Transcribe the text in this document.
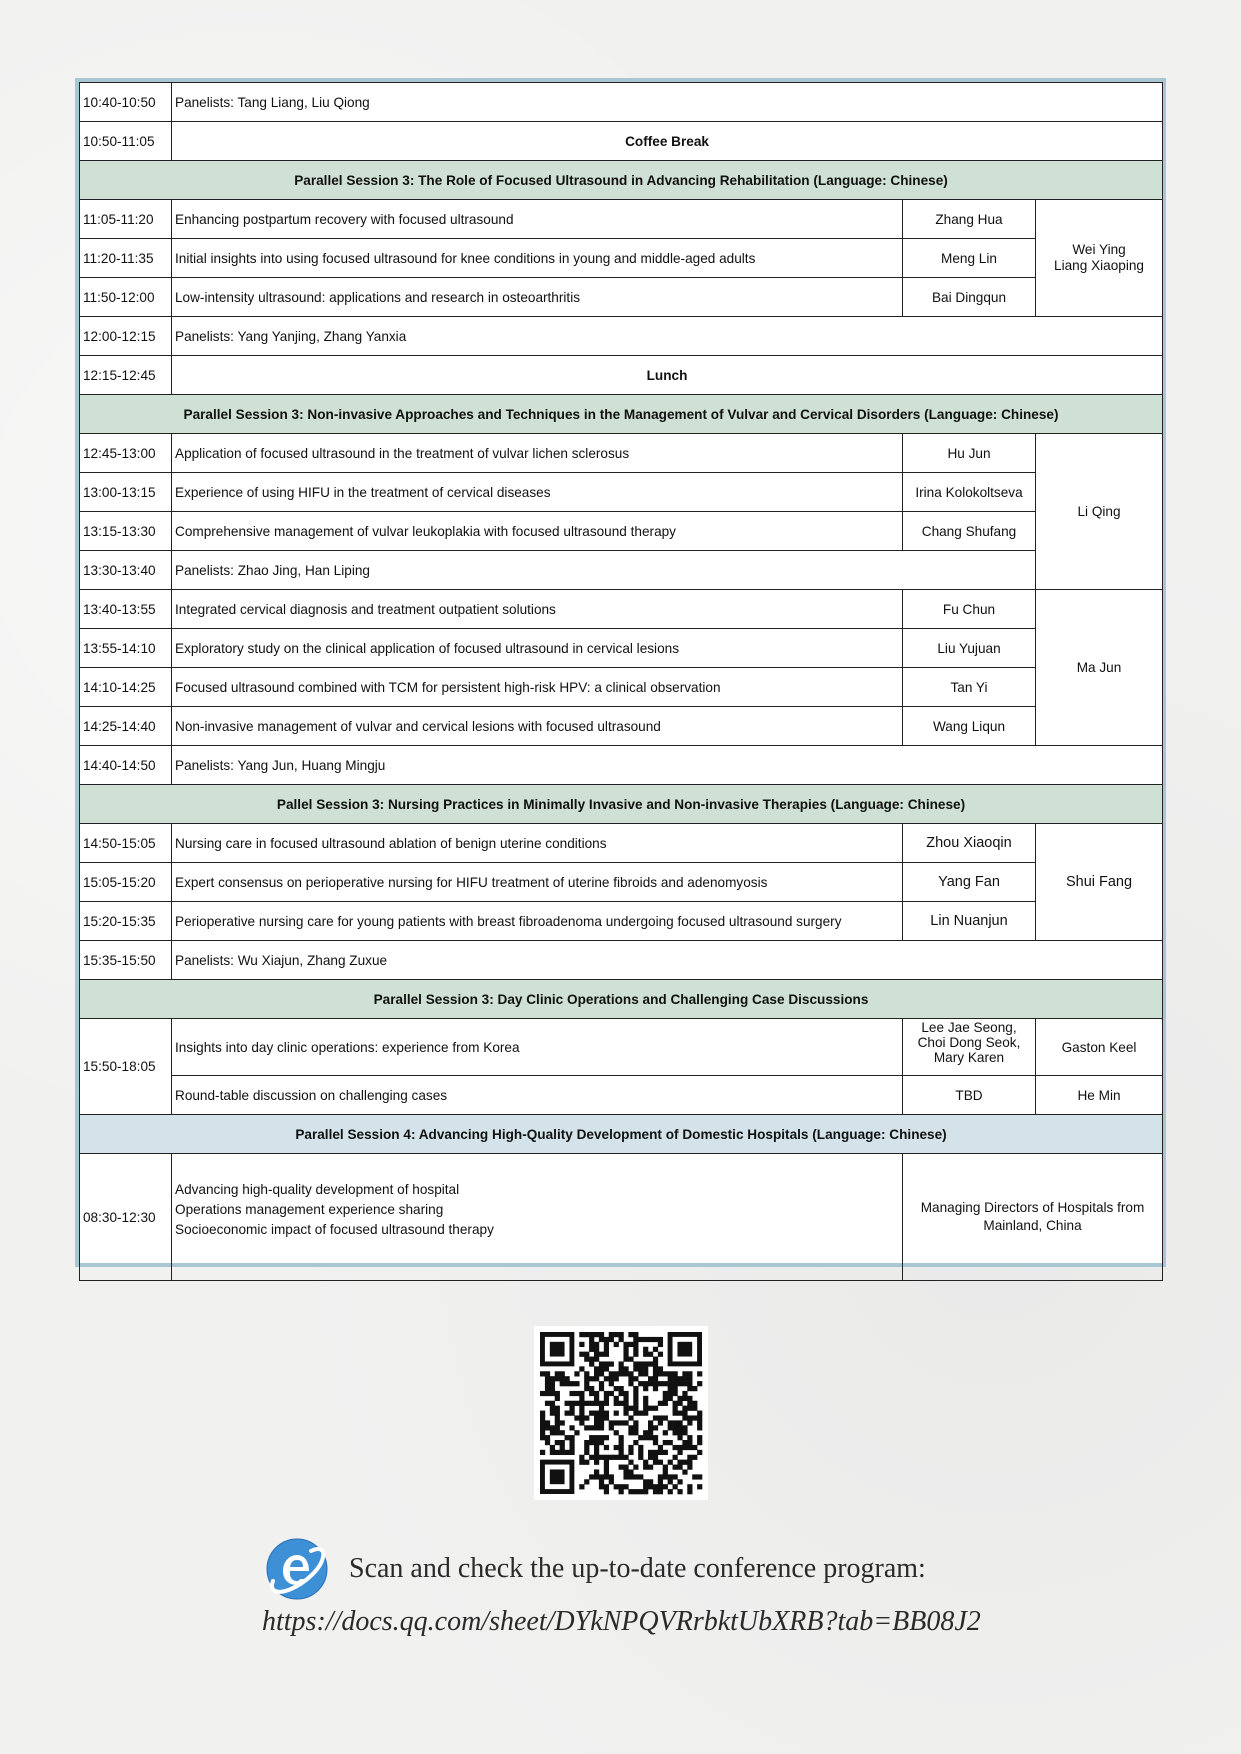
10:40-10:50	Panelists: Tang Liang, Liu Qiong		
10:50-11:05	Coffee Break		
Parallel Session 3: The Role of Focused Ultrasound in Advancing Rehabilitation (Language: Chinese)			
11:05-11:20	Enhancing postpartum recovery with focused ultrasound	Zhang Hua	Wei Ying
Liang Xiaoping

11:20-11:35	Initial insights into using focused ultrasound for knee conditions in young and middle-aged adults	Meng Lin	
11:50-12:00	Low-intensity ultrasound: applications and research in osteoarthritis	Bai Dingqun	
12:00-12:15	Panelists: Yang Yanjing, Zhang Yanxia		
12:15-12:45	Lunch		
Parallel Session 3: Non-invasive Approaches and Techniques in the Management of Vulvar and Cervical Disorders (Language: Chinese)			
12:45-13:00	Application of focused ultrasound in the treatment of vulvar lichen sclerosus	Hu Jun	Li Qing
13:00-13:15	Experience of using HIFU in the treatment of cervical diseases	Irina Kolokoltseva	
13:15-13:30	Comprehensive management of vulvar leukoplakia with focused ultrasound therapy	Chang Shufang	
13:30-13:40	Panelists: Zhao Jing, Han Liping		
13:40-13:55	Integrated cervical diagnosis and treatment outpatient solutions	Fu Chun	Ma Jun
13:55-14:10	Exploratory study on the clinical application of focused ultrasound in cervical lesions	Liu Yujuan	
14:10-14:25	Focused ultrasound combined with TCM for persistent high-risk HPV: a clinical observation	Tan Yi	
14:25-14:40	Non-invasive management of vulvar and cervical lesions with focused ultrasound	Wang Liqun	
14:40-14:50	Panelists: Yang Jun, Huang Mingju		
Pallel Session 3: Nursing Practices in Minimally Invasive and Non-invasive Therapies (Language: Chinese)			
14:50-15:05	Nursing care in focused ultrasound ablation of benign uterine conditions	Zhou Xiaoqin	Shui Fang
15:05-15:20	Expert consensus on perioperative nursing for HIFU treatment of uterine fibroids and adenomyosis	Yang Fan	
15:20-15:35	Perioperative nursing care for young patients with breast fibroadenoma undergoing focused ultrasound surgery	Lin Nuanjun	
15:35-15:50	Panelists: Wu Xiajun, Zhang Zuxue		
Parallel Session 3: Day Clinic Operations and Challenging Case Discussions			
15:50-18:05	Insights into day clinic operations: experience from Korea	Lee Jae Seong,
Choi Dong Seok,
Mary Karen	Gaston Keel
	Round-table discussion on challenging cases	TBD	He Min
Parallel Session 4: Advancing High-Quality Development of Domestic Hospitals (Language: Chinese)			
08:30-12:30	Advancing high-quality development of hospital
Operations management experience sharing
Socioeconomic impact of focused ultrasound therapy	Managing Directors of Hospitals from
Mainland, China	
Scan and check the up-to-date conference program:
https://docs.qq.com/sheet/DYkNPQVRrbktUbXRB?tab=BB08J2
